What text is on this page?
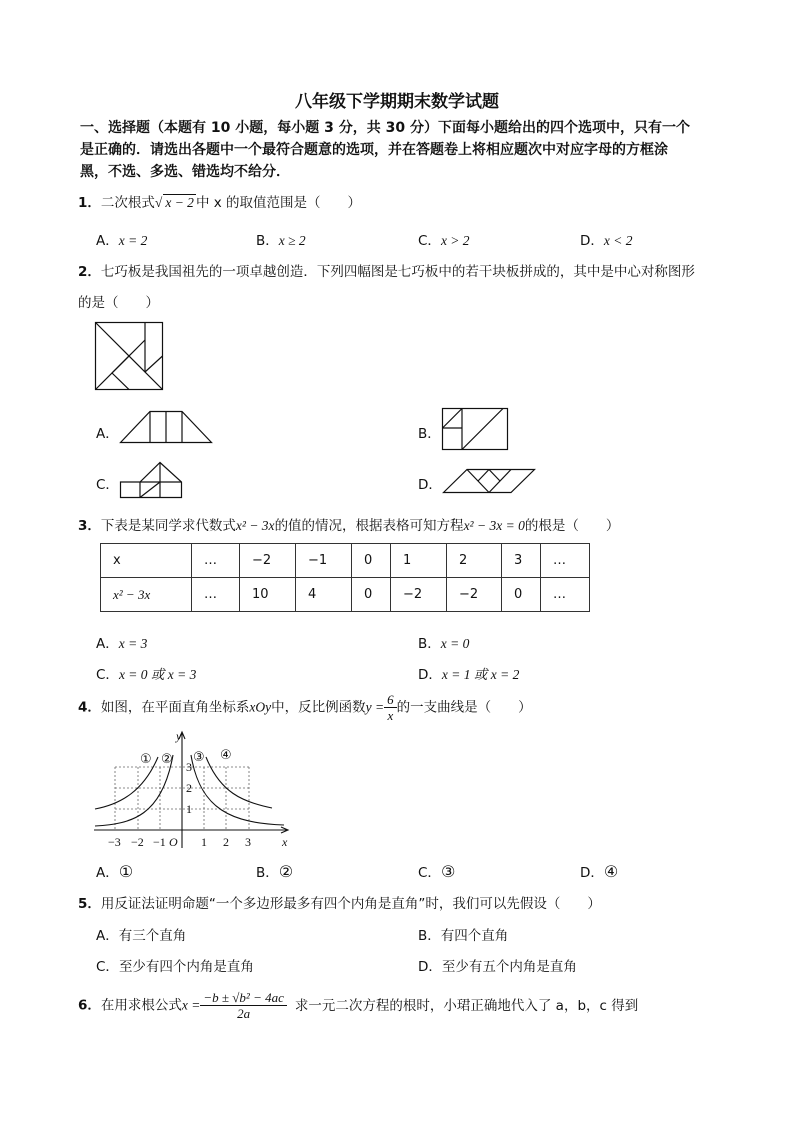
八年级下学期期末数学试题
一、选择题（本题有 10 小题，每小题 3 分，共 30 分）下面每小题给出的四个选项中，只有一个
是正确的．请选出各题中一个最符合题意的选项，并在答题卷上将相应题次中对应字母的方框涂
黑，不选、多选、错选均不给分．
1．二次根式√ x − 2 中 x 的取值范围是（　　）
A．x = 2	B．x ≥ 2	C．x > 2	D．x < 2
2．七巧板是我国祖先的一项卓越创造．下列四幅图是七巧板中的若干块板拼成的，其中是中心对称图形
的是（　　）
A．	B．
C．	D．
3．下表是某同学求代数式x² − 3x的值的情况，根据表格可知方程x² − 3x = 0的根是（　　）
x	…	−2	−1	0	1	2	3	…
x² − 3x	…	10	4	0	−2	−2	0	…
A．x = 3	B．x = 0
C．x = 0 或 x = 3	D．x = 1 或 x = 2
4．如图，在平面直角坐标系xOy中，反比例函数$y = \frac{6}{x}$ 的一支曲线是（　　）
y
x
O
−3 −2 −1	1 2 3
1
2
3
① ② ③ ④
A．①	B．②	C．③	D．④
5．用反证法证明命题“一个多边形最多有四个内角是直角”时，我们可以先假设（　　）
A．有三个直角	B．有四个直角
C．至少有四个内角是直角	D．至少有五个内角是直角
6．在用求根公式$x = \frac{\text{−b ± √b² − 4ac}}{2a}$ 求一元二次方程的根时，小珺正确地代入了 a，b，c 得到
